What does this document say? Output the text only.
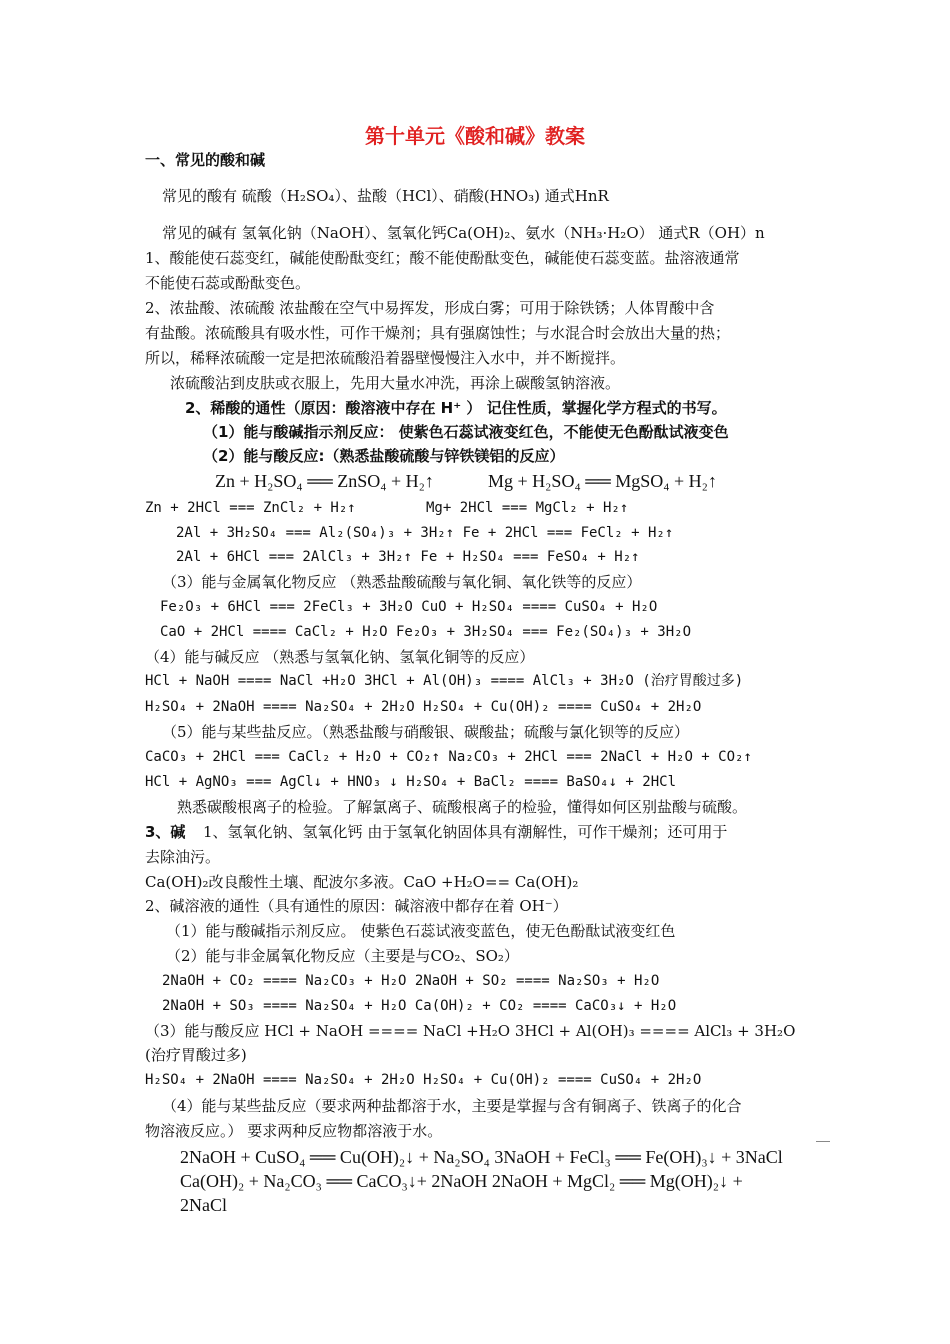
第十单元《酸和碱》教案
一、常见的酸和碱
常见的酸有 硫酸（H₂SO₄）、盐酸（HCl）、硝酸(HNO₃) 通式HnR
常见的碱有 氢氧化钠（NaOH）、氢氧化钙Ca(OH)₂、氨水（NH₃·H₂O） 通式R（OH）n
1、酸能使石蕊变红，碱能使酚酞变红；酸不能使酚酞变色，碱能使石蕊变蓝。盐溶液通常
不能使石蕊或酚酞变色。
2、浓盐酸、浓硫酸 浓盐酸在空气中易挥发，形成白雾；可用于除铁锈；人体胃酸中含
有盐酸。浓硫酸具有吸水性，可作干燥剂；具有强腐蚀性；与水混合时会放出大量的热；
所以，稀释浓硫酸一定是把浓硫酸沿着器壁慢慢注入水中，并不断搅拌。
浓硫酸沾到皮肤或衣服上，先用大量水冲洗，再涂上碳酸氢钠溶液。
2、稀酸的通性（原因：酸溶液中存在 H⁺ ） 记住性质，掌握化学方程式的书写。
（1）能与酸碱指示剂反应： 使紫色石蕊试液变红色，不能使无色酚酞试液变色
（2）能与酸反应:（熟悉盐酸硫酸与锌铁镁铝的反应）
Zn + H₂SO₄ ══ ZnSO₄ + H₂↑	Mg + H₂SO₄ ══ MgSO₄ + H₂↑
Zn + 2HCl === ZnCl₂ + H₂↑	Mg+ 2HCl === MgCl₂ + H₂↑
2Al + 3H₂SO₄ === Al₂(SO₄)₃ + 3H₂↑ Fe + 2HCl === FeCl₂ + H₂↑
2Al + 6HCl === 2AlCl₃ + 3H₂↑ Fe + H₂SO₄ === FeSO₄ + H₂↑
（3）能与金属氧化物反应 （熟悉盐酸硫酸与氧化铜、氧化铁等的反应）
Fe₂O₃ + 6HCl === 2FeCl₃ + 3H₂O CuO + H₂SO₄ ==== CuSO₄ + H₂O
CaO + 2HCl ==== CaCl₂ + H₂O Fe₂O₃ + 3H₂SO₄ === Fe₂(SO₄)₃ + 3H₂O
（4）能与碱反应 （熟悉与氢氧化钠、氢氧化铜等的反应）
HCl + NaOH ==== NaCl +H₂O 3HCl + Al(OH)₃ ==== AlCl₃ + 3H₂O (治疗胃酸过多)
H₂SO₄ + 2NaOH ==== Na₂SO₄ + 2H₂O H₂SO₄ + Cu(OH)₂ ==== CuSO₄ + 2H₂O
（5）能与某些盐反应。（熟悉盐酸与硝酸银、碳酸盐；硫酸与氯化钡等的反应）
CaCO₃ + 2HCl === CaCl₂ + H₂O + CO₂↑ Na₂CO₃ + 2HCl === 2NaCl + H₂O + CO₂↑
HCl + AgNO₃ === AgCl↓ + HNO₃ ↓ H₂SO₄ + BaCl₂ ==== BaSO₄↓ + 2HCl
熟悉碳酸根离子的检验。了解氯离子、硫酸根离子的检验，懂得如何区别盐酸与硫酸。
3、碱 1、氢氧化钠、氢氧化钙 由于氢氧化钠固体具有潮解性，可作干燥剂；还可用于
去除油污。
Ca(OH)₂改良酸性土壤、配波尔多液。CaO +H₂O== Ca(OH)₂
2、碱溶液的通性（具有通性的原因：碱溶液中都存在着 OH⁻）
（1）能与酸碱指示剂反应。 使紫色石蕊试液变蓝色，使无色酚酞试液变红色
（2）能与非金属氧化物反应（主要是与CO₂、SO₂）
2NaOH + CO₂ ==== Na₂CO₃ + H₂O 2NaOH + SO₂ ==== Na₂SO₃ + H₂O
2NaOH + SO₃ ==== Na₂SO₄ + H₂O Ca(OH)₂ + CO₂ ==== CaCO₃↓ + H₂O
（3）能与酸反应 HCl + NaOH ==== NaCl +H₂O 3HCl + Al(OH)₃ ==== AlCl₃ + 3H₂O
(治疗胃酸过多)
H₂SO₄ + 2NaOH ==== Na₂SO₄ + 2H₂O H₂SO₄ + Cu(OH)₂ ==== CuSO₄ + 2H₂O
（4）能与某些盐反应（要求两种盐都溶于水，主要是掌握与含有铜离子、铁离子的化合
物溶液反应。） 要求两种反应物都溶液于水。
2NaOH + CuSO₄ ══ Cu(OH)₂↓ + Na₂SO₄ 3NaOH + FeCl₃ ══ Fe(OH)₃↓ + 3NaCl
Ca(OH)₂ + Na₂CO₃ ══ CaCO₃↓+ 2NaOH 2NaOH + MgCl₂ ══ Mg(OH)₂↓ +
2NaCl
